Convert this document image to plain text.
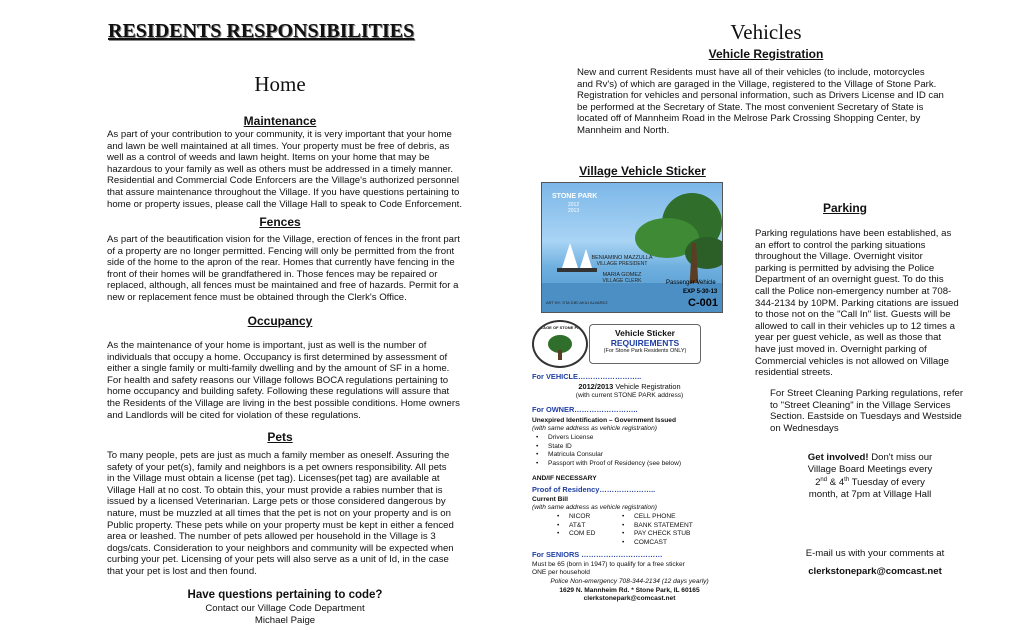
RESIDENTS RESPONSIBILITIES
Home
Maintenance
As part of your contribution to your community, it is very important that your home
and lawn be well maintained at all times. Your property must be free of debris, as
well as a control of weeds and lawn height. Items on your home that may be
hazardous to your family as well as others must be addressed in a timely manner.
Residential and Commercial Code Enforcers are the Village's authorized personnel
that assure maintenance throughout the Village. If you have questions pertaining to
home or property issues, please call the Village Hall to speak to Code Enforcement.
Fences
As part of the beautification vision for the Village, erection of fences in the front part
of a property are no longer permitted. Fencing will only be permitted from the front
side of the home to the apron of the rear. Homes that currently have fencing in the
front of their homes will be grandfathered in. Those fences may be repaired or
replaced, although, all fences must be maintained and free of hazards. Permit for a
new or replacement fence must be obtained through the Clerk's Office.
Occupancy
As the maintenance of your home is important, just as well is the number of
individuals that occupy a home. Occupancy is first determined by assessment of
either a single family or multi-family dwelling and by the amount of SF in a home.
For health and safety reasons our Village follows BOCA regulations pertaining to
home occupancy and building safety. Following these regulations will assure that
the Residents of the Village are living in the best possible conditions. Home owners
and Landlords will be cited for violation of these regulations.
Pets
To many people, pets are just as much a family member as oneself. Assuring the
safety of your pet(s), family and neighbors is a pet owners responsibility. All pets
in the Village must obtain a license (pet tag). Licenses(pet tag) are available at
Village Hall at no cost. To obtain this, your must provide a rabies number that is
issued by a licensed Veterinarian. Large pets or those considered dangerous by
nature, must be muzzled at all times that the pet is not on your property and is on
Public property. These pets while on your property must be kept in either a fenced
area or leashed. The number of pets allowed per household in the Village is 3
dogs/cats. Consideration to your neighbors and community will be expected when
curbing your pet. Licensing of your pets will also serve as a unit of Id, in the case
that your pet is lost and then found.
Have questions pertaining to code?
Contact our Village Code Department
Michael Paige
Vehicles
Vehicle Registration
New and current Residents must have all of their vehicles (to include, motorcycles
and Rv's) of which are garaged in the Village, registered to the Village of Stone Park.
Registration for vehicles and personal information, such as Drivers License and ID can
be performed at the Secretary of State. The most convenient Secretary of State is
located off of Mannheim Road in the Melrose Park Crossing Shopping Center, by
Mannheim and North.
Village Vehicle Sticker
STONE PARK
2012
2013
BENIAMINO MAZZULLA
VILLAGE PRESIDENT
MARIA GOMEZ
VILLAGE CLERK	Passenger Vehicle
EXP 5-30-13
C-001
ART BY: STA DIEI AKILI ALVAREZ
VILLAGE OF STONE PARK
Vehicle Sticker
REQUIREMENTS
(For Stone Park Residents ONLY)
For VEHICLE……………………..
2012/2013 Vehicle Registration
(with current STONE PARK address)
For OWNER……………………..
Unexpired Identification – Government Issued
(with same address as vehicle registration)
• Drivers License
• State ID
• Matricula Consular
• Passport with Proof of Residency (see below)
AND/IF NECESSARY
Proof of Residency…………………..
Current Bill
(with same address as vehicle registration)
• NICOR
• AT&T
• COM ED
• CELL PHONE
• BANK STATEMENT
• PAY CHECK STUB
• COMCAST
For SENIORS ……………………………
Must be 65 (born in 1947) to qualify for a free sticker
ONE per household
Police Non-emergency 708-344-2134 (12 days yearly)
1629 N. Mannheim Rd. * Stone Park, IL 60165
clerkstonepark@comcast.net
Parking
Parking regulations have been established, as
an effort to control the parking situations
throughout the Village. Overnight visitor
parking is permitted by advising the Police
Department of an overnight guest. To do this
call the Police non-emergency number at 708-
344-2134 by 10PM. Parking citations are issued
to those not on the "Call In" list. Guests will be
allowed to call in their vehicles up to 12 times a
year per guest vehicle, as well as those that
have just moved in. Overnight parking of
Commercial vehicles is not allowed on Village
residential streets.
For Street Cleaning Parking regulations, refer
to "Street Cleaning" in the Village Services
Section. Eastside on Tuesdays and Westside
on Wednesdays
Get involved! Don't miss our
Village Board Meetings every
2nd & 4th Tuesday of every
month, at 7pm at Village Hall
E-mail us with your comments at
clerkstonepark@comcast.net
